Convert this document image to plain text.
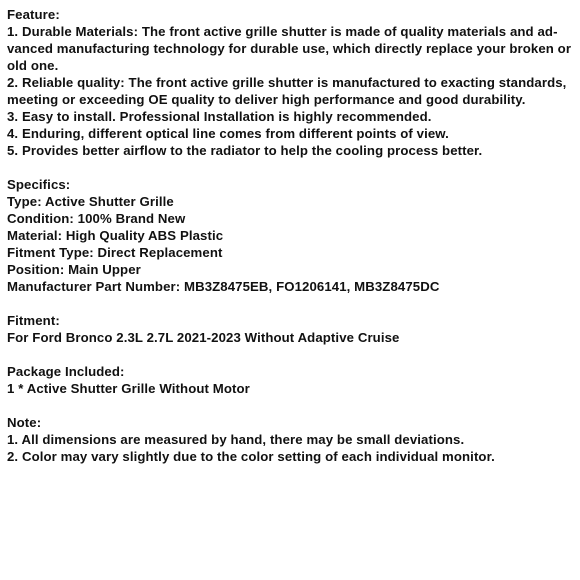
Feature:
1. Durable Materials: The front active grille shutter is made of quality materials and ad-
vanced manufacturing technology for durable use, which directly replace your broken or
old one.
2. Reliable quality: The front active grille shutter is manufactured to exacting standards,
meeting or exceeding OE quality to deliver high performance and good durability.
3. Easy to install. Professional Installation is highly recommended.
4. Enduring, different optical line comes from different points of view.
5. Provides better airflow to the radiator to help the cooling process better.
Specifics:
Type: Active Shutter Grille
Condition: 100% Brand New
Material: High Quality ABS Plastic
Fitment Type: Direct Replacement
Position: Main Upper
Manufacturer Part Number: MB3Z8475EB, FO1206141, MB3Z8475DC
Fitment:
For Ford Bronco 2.3L 2.7L 2021-2023 Without Adaptive Cruise
Package Included:
1 * Active Shutter Grille Without Motor
Note:
1. All dimensions are measured by hand, there may be small deviations.
2. Color may vary slightly due to the color setting of each individual monitor.
